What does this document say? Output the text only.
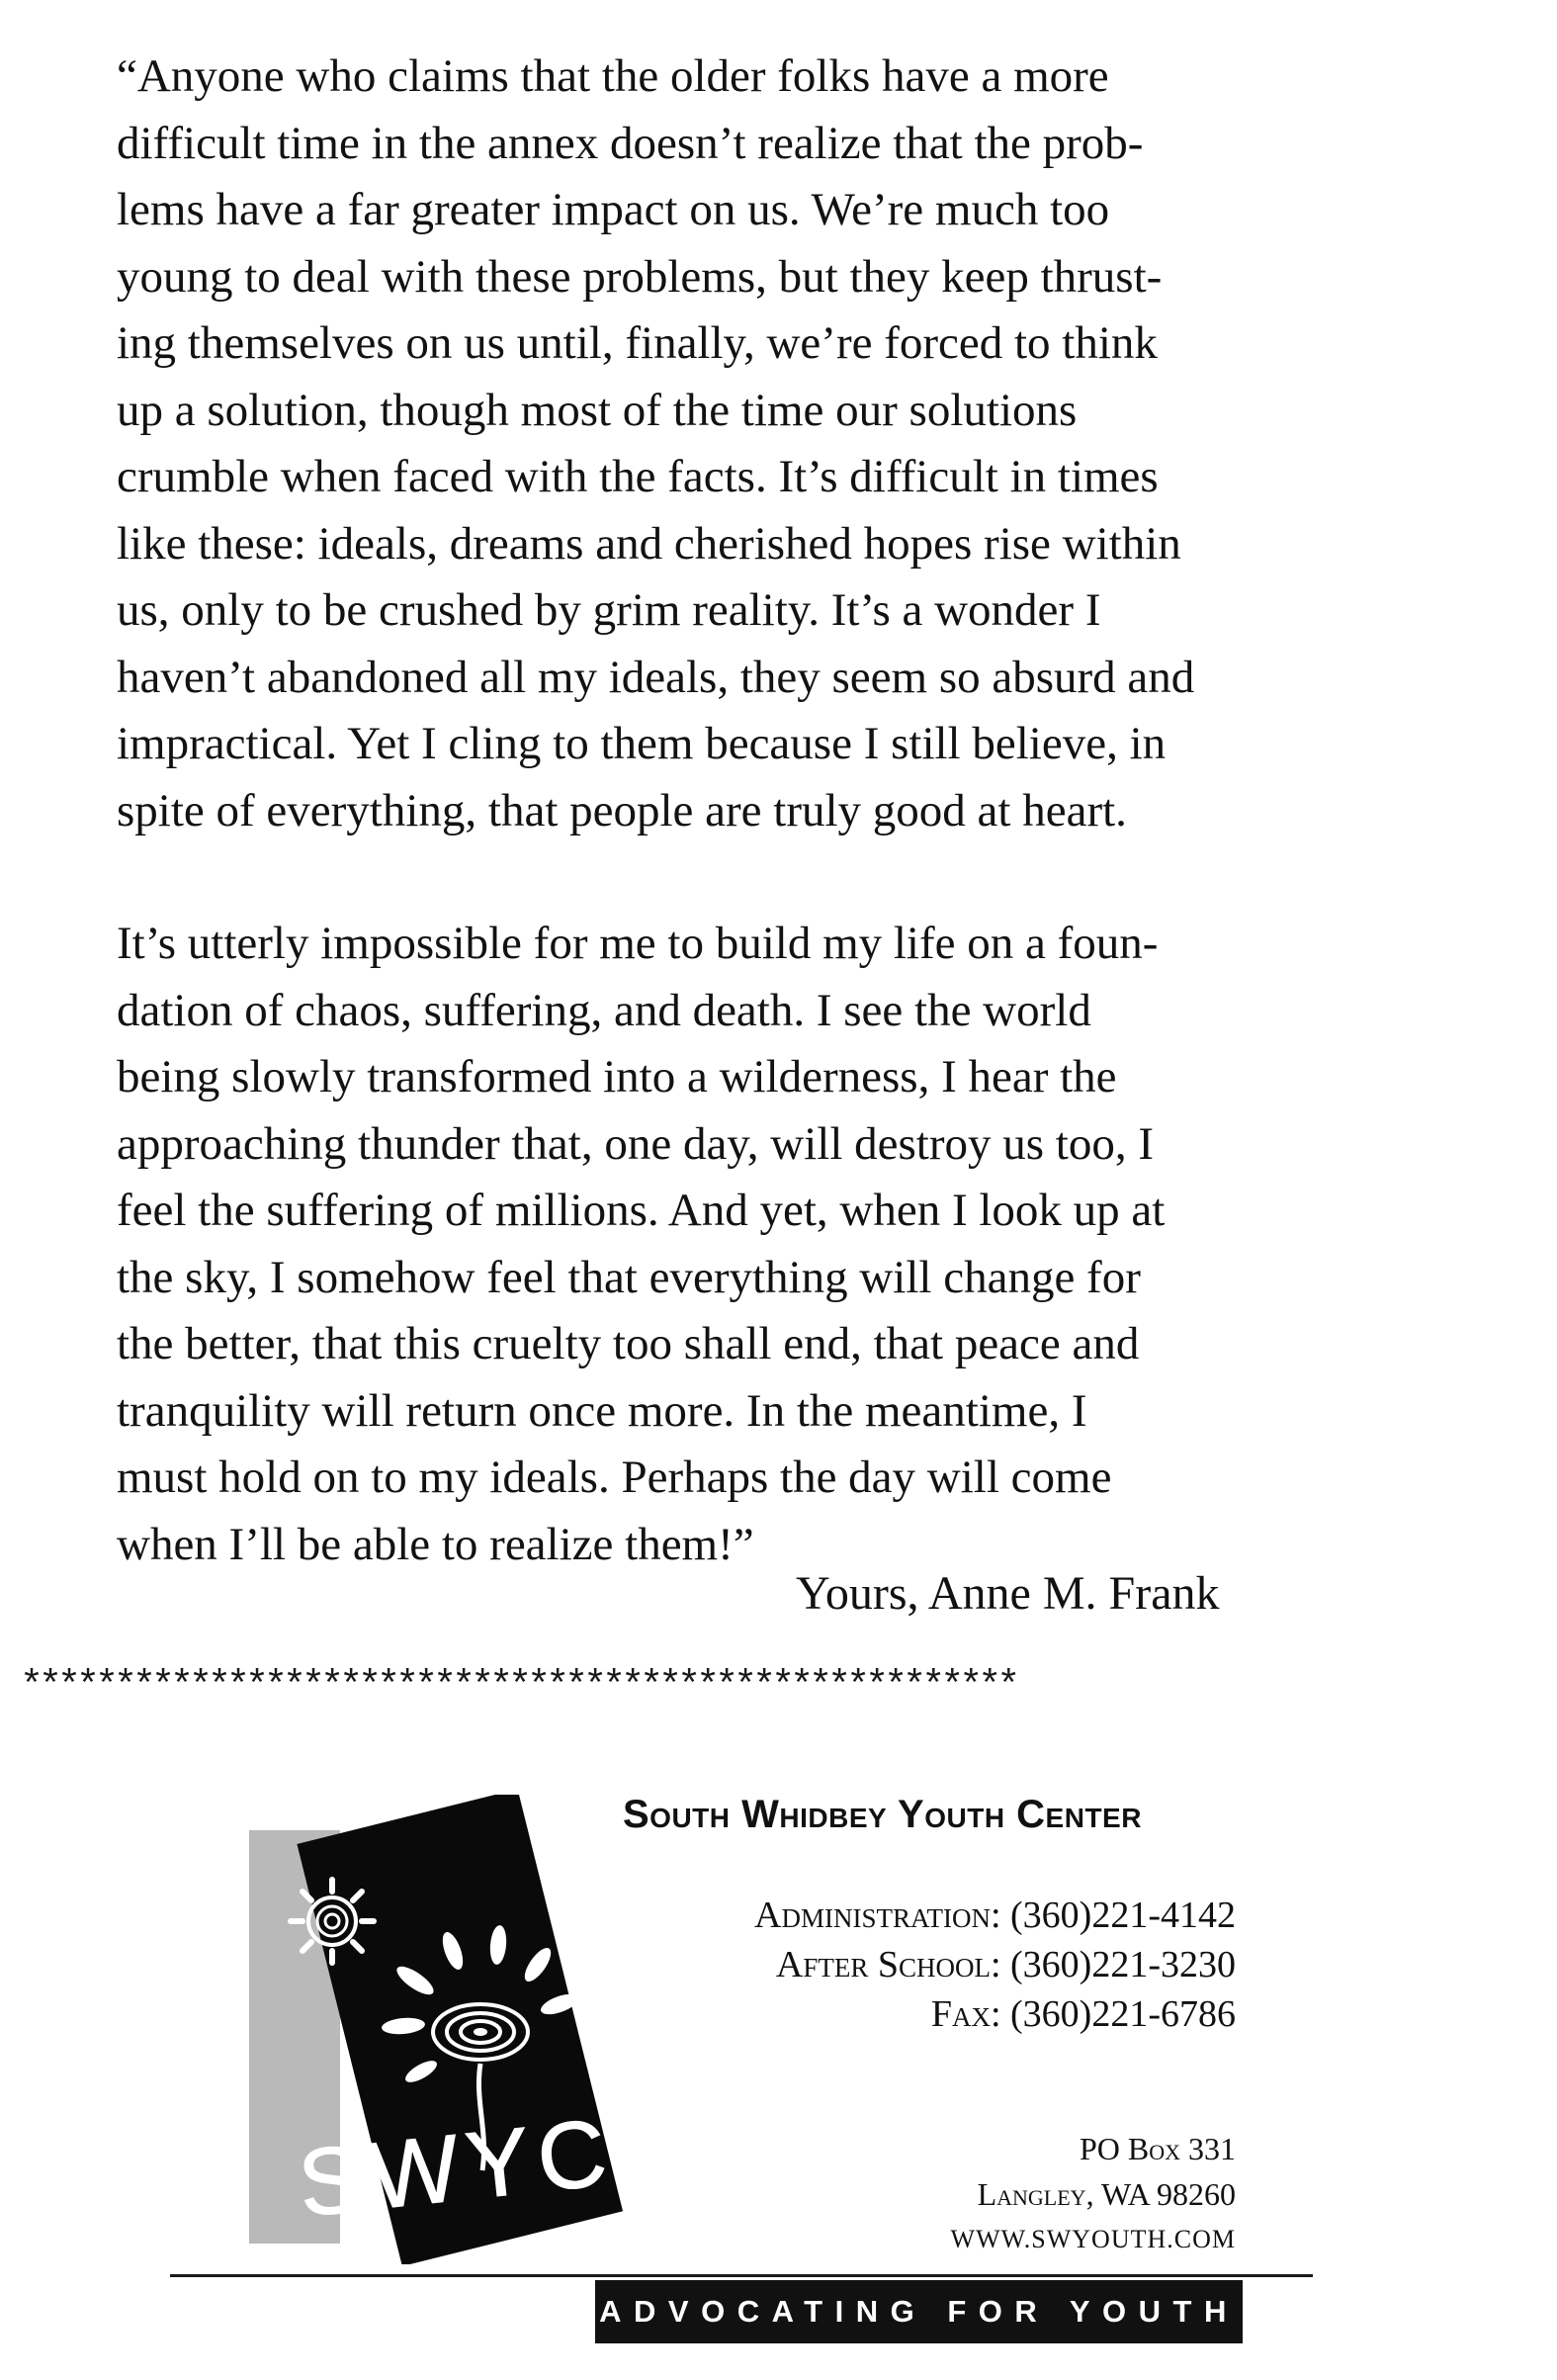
“Anyone who claims that the older folks have a more
difficult time in the annex doesn’t realize that the prob-
lems have a far greater impact on us. We’re much too
young to deal with these problems, but they keep thrust-
ing themselves on us until, finally, we’re forced to think
up a solution, though most of the time our solutions
crumble when faced with the facts. It’s difficult in times
like these: ideals, dreams and cherished hopes rise within
us, only to be crushed by grim reality. It’s a wonder I
haven’t abandoned all my ideals, they seem so absurd and
impractical. Yet I cling to them because I still believe, in
spite of everything, that people are truly good at heart.

It’s utterly impossible for me to build my life on a foun-
dation of chaos, suffering, and death. I see the world
being slowly transformed into a wilderness, I hear the
approaching thunder that, one day, will destroy us too, I
feel the suffering of millions. And yet, when I look up at
the sky, I somehow feel that everything will change for
the better, that this cruelty too shall end, that peace and
tranquility will return once more. In the meantime, I
must hold on to my ideals. Perhaps the day will come
when I’ll be able to realize them!”

Yours, Anne M. Frank
*****************************************************
SWYC
South Whidbey Youth Center
Administration: (360)221-4142
After School: (360)221-3230
Fax: (360)221-6786
PO Box 331
Langley, WA 98260
WWW.SWYOUTH.COM
ADVOCATING FOR YOUTH
